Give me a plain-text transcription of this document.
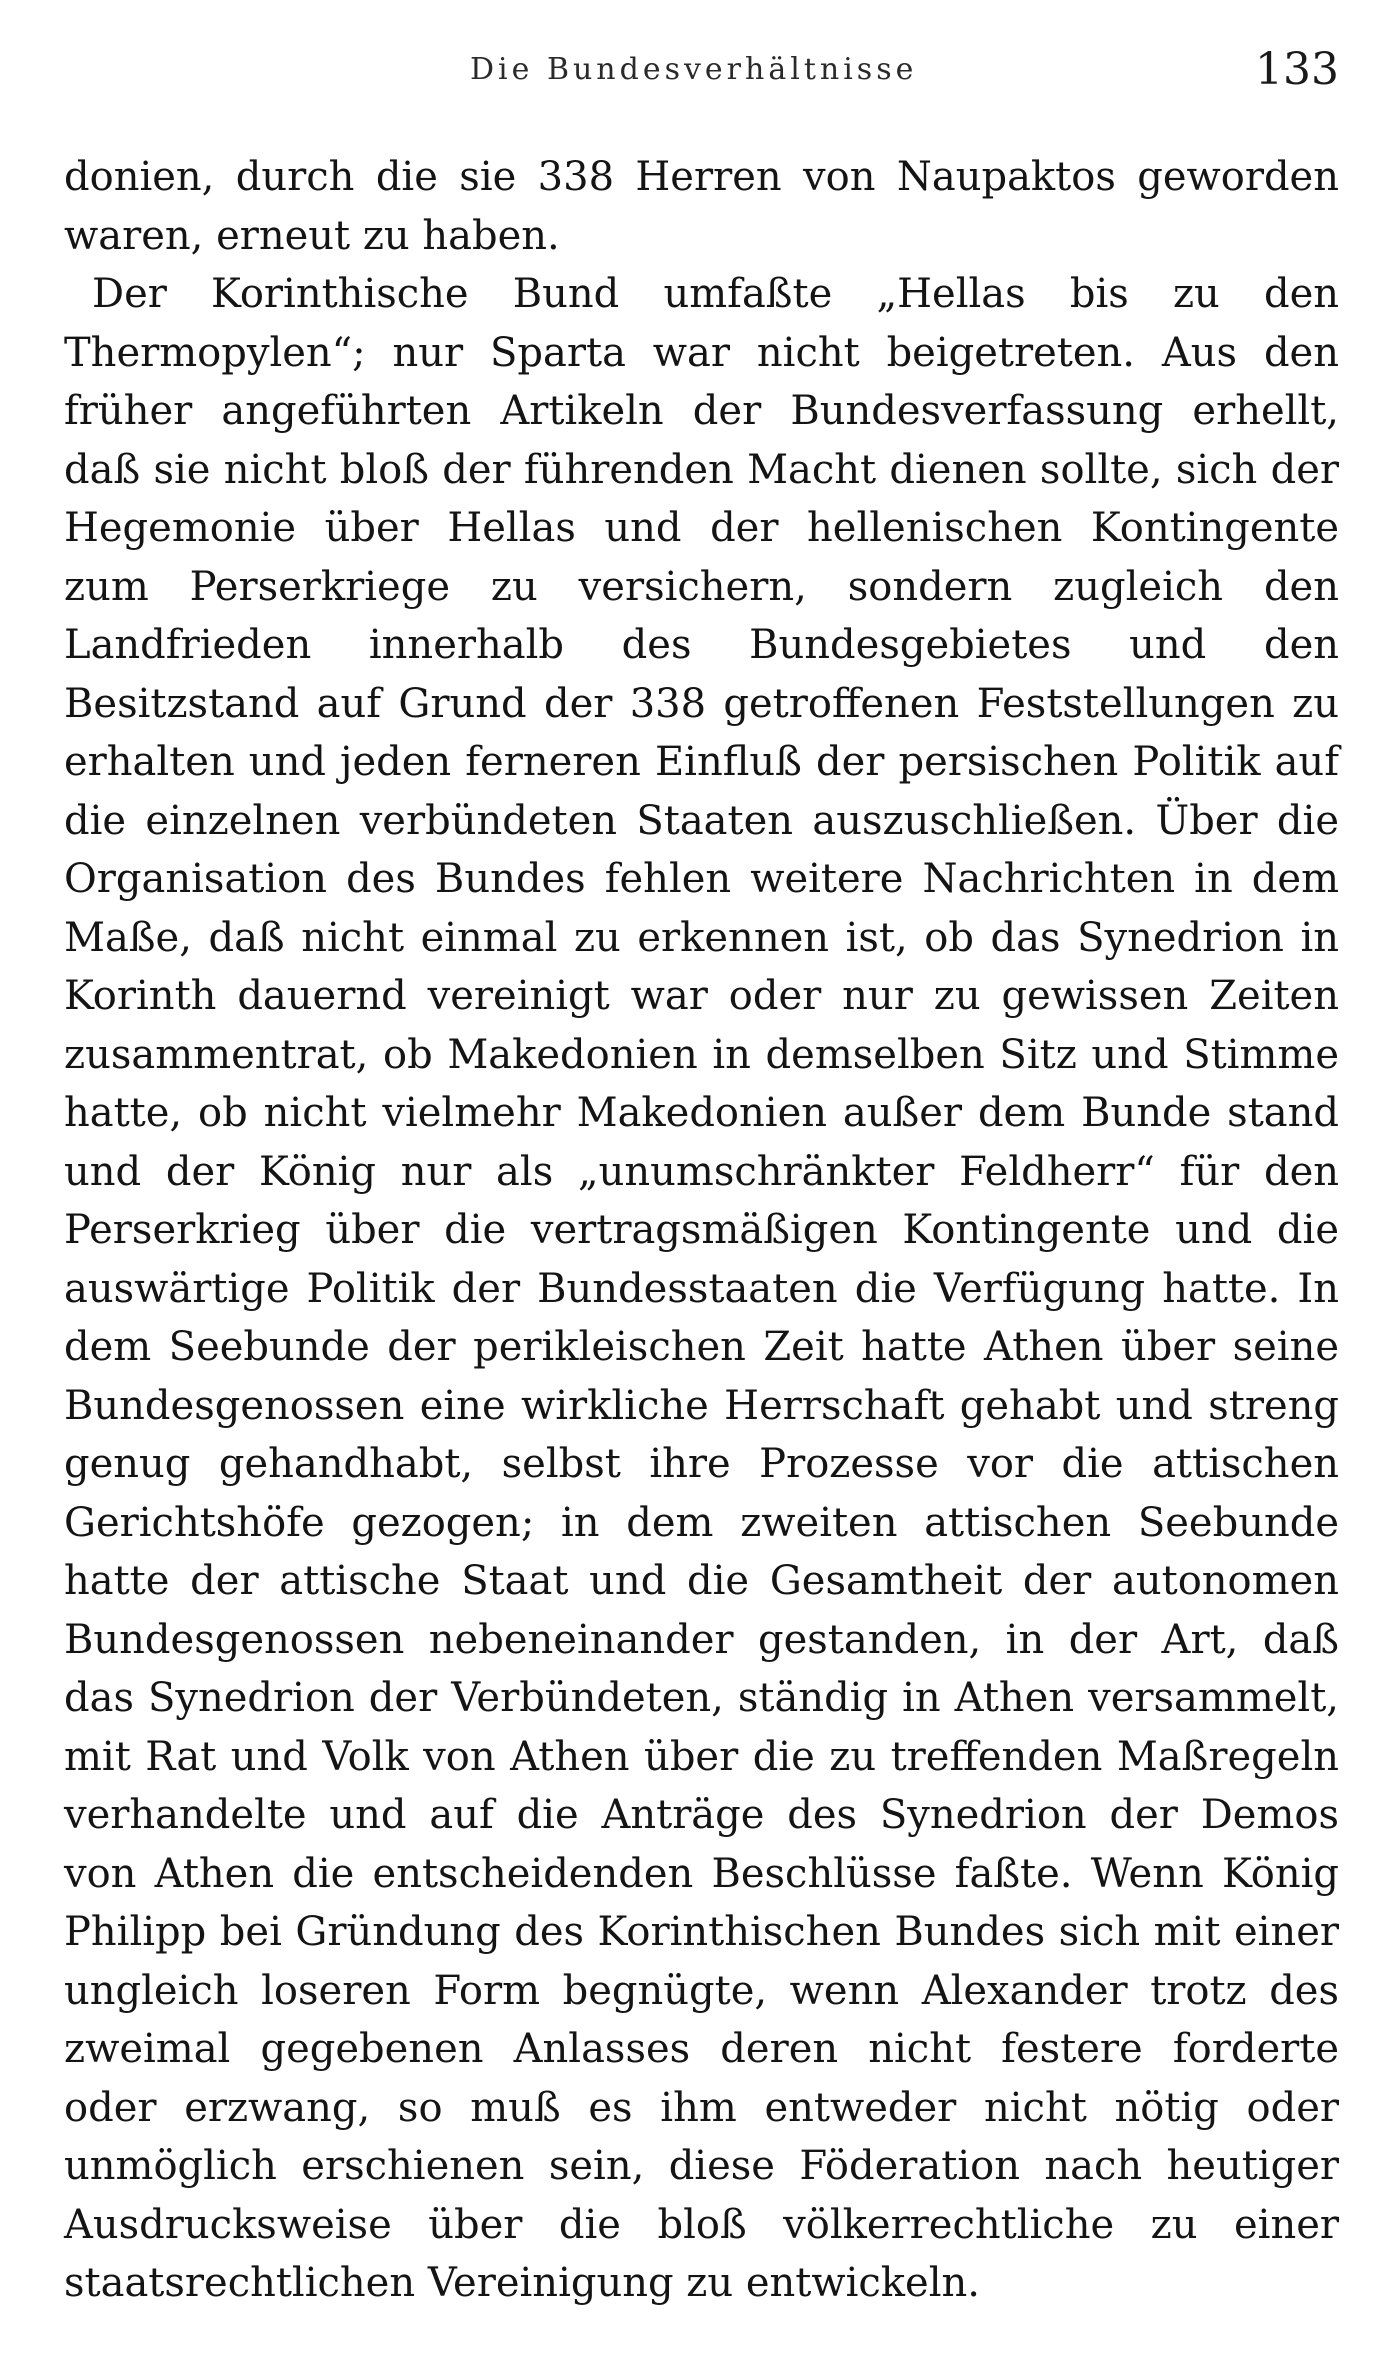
Die Bundesverhältnisse	133

donien, durch die sie 338 Herren von Naupaktos geworden waren, erneut zu haben.

Der Korinthische Bund umfaßte „Hellas bis zu den Thermopylen“; nur Sparta war nicht beigetreten. Aus den früher angeführten Artikeln der Bundesverfassung erhellt, daß sie nicht bloß der führenden Macht dienen sollte, sich der Hegemonie über Hellas und der hellenischen Kontingente zum Perserkriege zu versichern, sondern zugleich den Landfrieden innerhalb des Bundesgebietes und den Besitzstand auf Grund der 338 getroffenen Feststellungen zu erhalten und jeden ferneren Einfluß der persischen Politik auf die einzelnen verbündeten Staaten auszuschließen. Über die Organisation des Bundes fehlen weitere Nachrichten in dem Maße, daß nicht einmal zu erkennen ist, ob das Synedrion in Korinth dauernd vereinigt war oder nur zu gewissen Zeiten zusammentrat, ob Makedonien in demselben Sitz und Stimme hatte, ob nicht vielmehr Makedonien außer dem Bunde stand und der König nur als „unumschränkter Feldherr“ für den Perserkrieg über die vertragsmäßigen Kontingente und die auswärtige Politik der Bundesstaaten die Verfügung hatte. In dem Seebunde der perikleischen Zeit hatte Athen über seine Bundesgenossen eine wirkliche Herrschaft gehabt und streng genug gehandhabt, selbst ihre Prozesse vor die attischen Gerichtshöfe gezogen; in dem zweiten attischen Seebunde hatte der attische Staat und die Gesamtheit der autonomen Bundesgenossen nebeneinander gestanden, in der Art, daß das Synedrion der Verbündeten, ständig in Athen versammelt, mit Rat und Volk von Athen über die zu treffenden Maßregeln verhandelte und auf die Anträge des Synedrion der Demos von Athen die entscheidenden Beschlüsse faßte. Wenn König Philipp bei Gründung des Korinthischen Bundes sich mit einer ungleich loseren Form begnügte, wenn Alexander trotz des zweimal gegebenen Anlasses deren nicht festere forderte oder erzwang, so muß es ihm entweder nicht nötig oder unmöglich erschienen sein, diese Föderation nach heutiger Ausdrucksweise über die bloß völkerrechtliche zu einer staatsrechtlichen Vereinigung zu entwickeln.
